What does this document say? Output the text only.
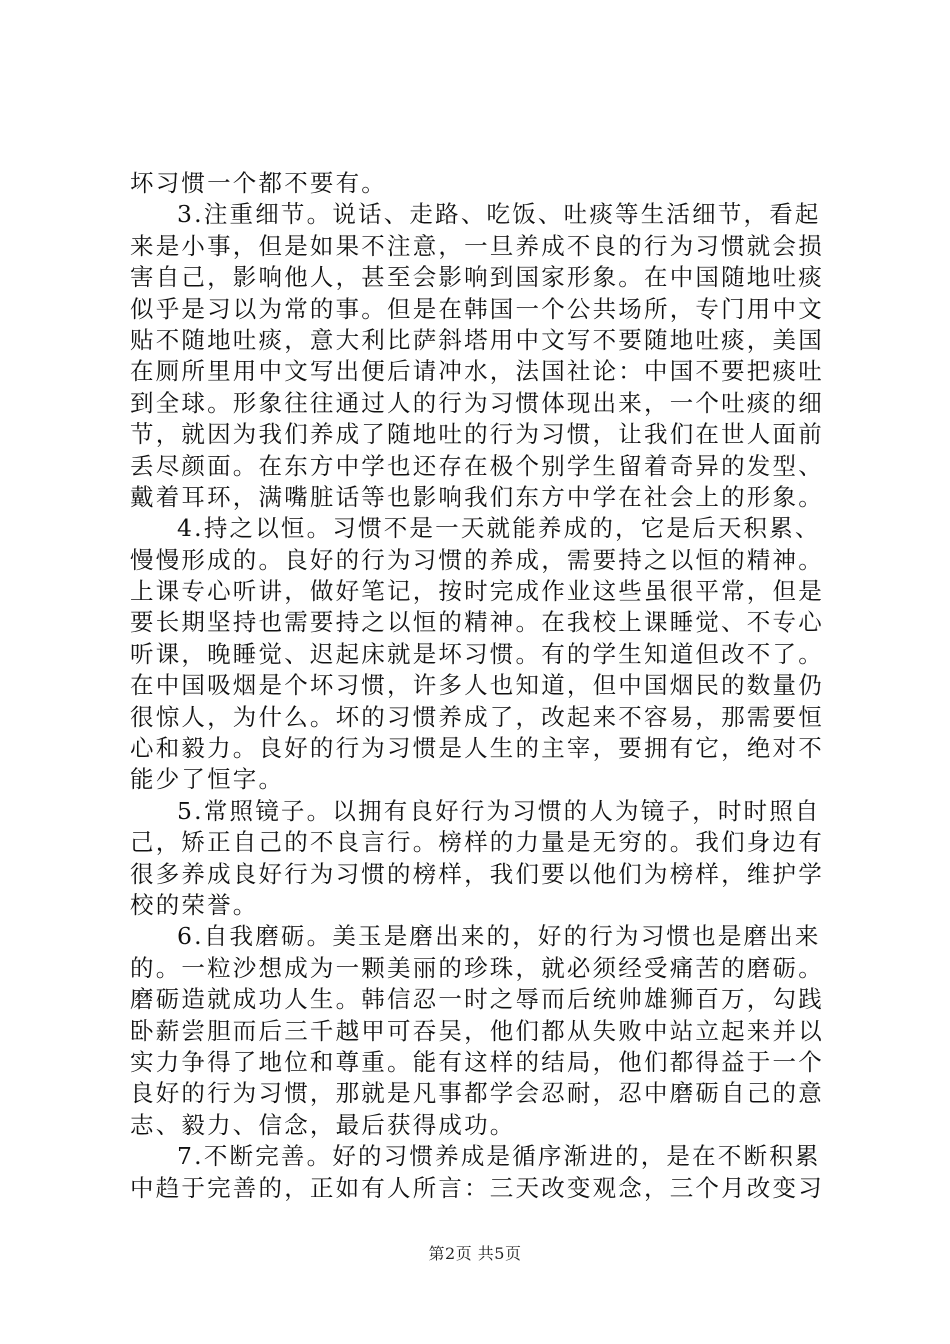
坏习惯一个都不要有。
3.注重细节。说话、走路、吃饭、吐痰等生活细节，看起
来是小事，但是如果不注意，一旦养成不良的行为习惯就会损
害自己，影响他人，甚至会影响到国家形象。在中国随地吐痰
似乎是习以为常的事。但是在韩国一个公共场所，专门用中文
贴不随地吐痰，意大利比萨斜塔用中文写不要随地吐痰，美国
在厕所里用中文写出便后请冲水，法国社论：中国不要把痰吐
到全球。形象往往通过人的行为习惯体现出来，一个吐痰的细
节，就因为我们养成了随地吐的行为习惯，让我们在世人面前
丢尽颜面。在东方中学也还存在极个别学生留着奇异的发型、
戴着耳环，满嘴脏话等也影响我们东方中学在社会上的形象。
4.持之以恒。习惯不是一天就能养成的，它是后天积累、
慢慢形成的。良好的行为习惯的养成，需要持之以恒的精神。
上课专心听讲，做好笔记，按时完成作业这些虽很平常，但是
要长期坚持也需要持之以恒的精神。在我校上课睡觉、不专心
听课，晚睡觉、迟起床就是坏习惯。有的学生知道但改不了。
在中国吸烟是个坏习惯，许多人也知道，但中国烟民的数量仍
很惊人，为什么。坏的习惯养成了，改起来不容易，那需要恒
心和毅力。良好的行为习惯是人生的主宰，要拥有它，绝对不
能少了恒字。
5.常照镜子。以拥有良好行为习惯的人为镜子，时时照自
己，矫正自己的不良言行。榜样的力量是无穷的。我们身边有
很多养成良好行为习惯的榜样，我们要以他们为榜样，维护学
校的荣誉。
6.自我磨砺。美玉是磨出来的，好的行为习惯也是磨出来
的。一粒沙想成为一颗美丽的珍珠，就必须经受痛苦的磨砺。
磨砺造就成功人生。韩信忍一时之辱而后统帅雄狮百万，勾践
卧薪尝胆而后三千越甲可吞吴，他们都从失败中站立起来并以
实力争得了地位和尊重。能有这样的结局，他们都得益于一个
良好的行为习惯，那就是凡事都学会忍耐，忍中磨砺自己的意
志、毅力、信念，最后获得成功。
7.不断完善。好的习惯养成是循序渐进的，是在不断积累
中趋于完善的，正如有人所言：三天改变观念，三个月改变习
第2页 共5页
